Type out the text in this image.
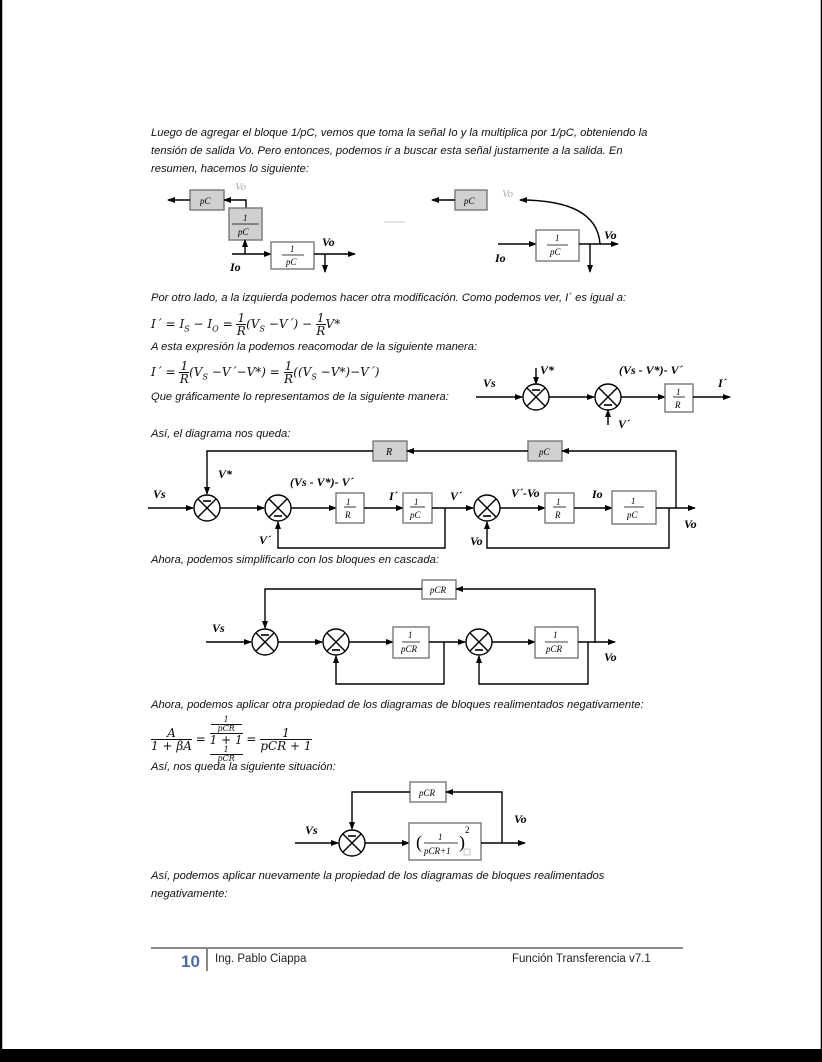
Luego de agregar el bloque 1/pC, vemos que toma la señal Io y la multiplica por 1/pC, obteniendo la
tensión de salida Vo. Pero entonces, podemos ir a buscar esta señal justamente a la salida. En
resumen, hacemos lo siguiente:
Por otro lado, a la izquierda podemos hacer otra modificación. Como podemos ver, I´ es igual a:
I´ = $I_S - I_O = \frac{1}{R} (V_S$ −V´) − $\frac{1}{R} V*$
A esta expresión la podemos reacomodar de la siguiente manera:
I´ = $\frac{1}{R} (V_S$ −V´−V*) = $\frac{1}{R} ((V_S$ −V*)−V´)
Que gráficamente lo representamos de la siguiente manera:
Así, el diagrama nos queda:
Ahora, podemos simplificarlo con los bloques en cascada:
Ahora, podemos aplicar otra propiedad de los diagramas de bloques realimentados negativamente:
$\frac{A}{1 + \beta A} = 1$
pCR
1 + 1
1
pCR = $\frac{1}{\text{pCR + 1}}$
Así, nos queda la siguiente situación:
Así, podemos aplicar nuevamente la propiedad de los diagramas de bloques realimentados
negativamente:
10 Ing. Pablo Ciappa	Función Transferencia v7.1
pC
Vo
1
pC
1
pC
Vo
Io
pC
Vo
1
pC
Vo
Io
Vs
V*	(Vs - V*)- V´
1
R
I´
V´
R	pC
Vs
V*
(Vs - V*)- V´
1
R
I´ 1
pC
V´
V´
V´-Vo
1
R
Io	1
pC
Vo
Vo
pCR
Vs	1
pCR
1
pCR
Vo
pCR
Vs
Vo
( 1
pCR+1 )
2
